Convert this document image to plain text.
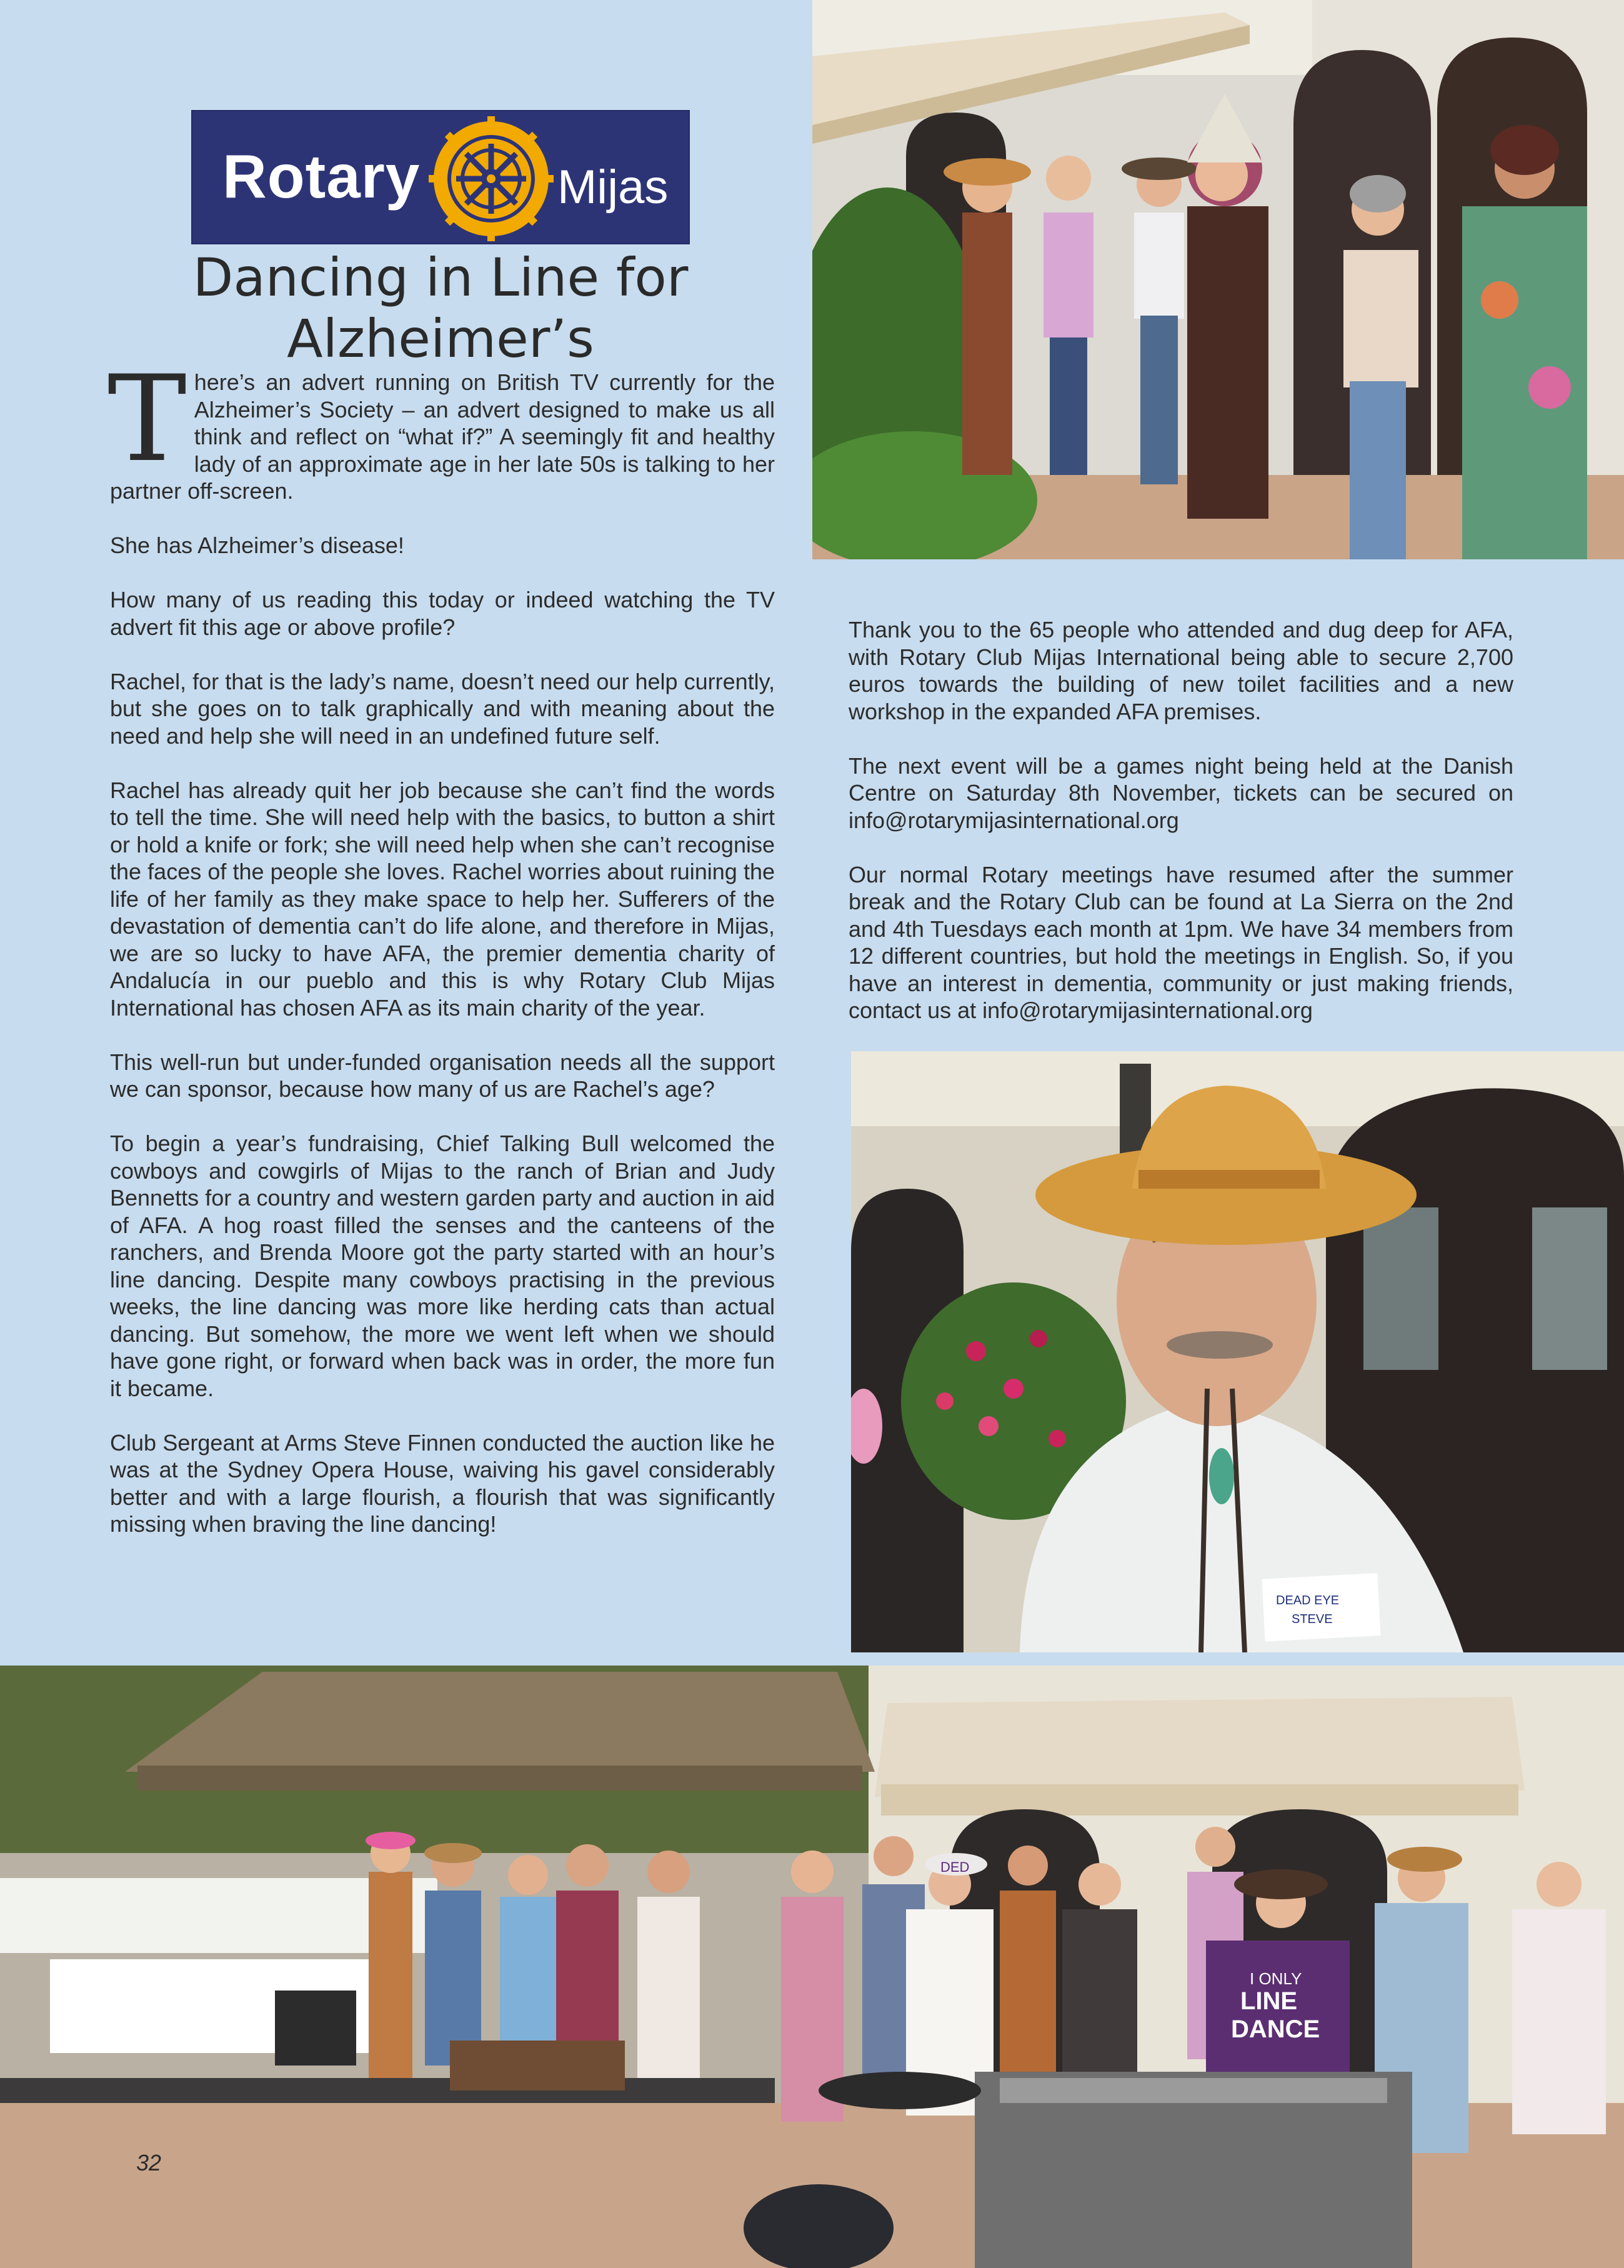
Rotary	Mijas
Dancing in Line for Alzheimer’s

There’s an advert running on British TV currently for the Alzheimer’s Society – an advert designed to make us all think and reflect on “what if?” A seemingly fit and healthy lady of an approximate age in her late 50s is talking to her partner off-screen.

She has Alzheimer’s disease!

How many of us reading this today or indeed watching the TV advert fit this age or above profile?

Rachel, for that is the lady’s name, doesn’t need our help currently, but she goes on to talk graphically and with meaning about the need and help she will need in an undefined future self.

Rachel has already quit her job because she can’t find the words to tell the time. She will need help with the basics, to button a shirt or hold a knife or fork; she will need help when she can’t recognise the faces of the people she loves. Rachel worries about ruining the life of her family as they make space to help her. Sufferers of the devastation of dementia can’t do life alone, and therefore in Mijas, we are so lucky to have AFA, the premier dementia charity of Andalucía in our pueblo and this is why Rotary Club Mijas International has chosen AFA as its main charity of the year.

This well-run but under-funded organisation needs all the support we can sponsor, because how many of us are Rachel’s age?

To begin a year’s fundraising, Chief Talking Bull welcomed the cowboys and cowgirls of Mijas to the ranch of Brian and Judy Bennetts for a country and western garden party and auction in aid of AFA. A hog roast filled the senses and the canteens of the ranchers, and Brenda Moore got the party started with an hour’s line dancing. Despite many cowboys practising in the previous weeks, the line dancing was more like herding cats than actual dancing. But somehow, the more we went left when we should have gone right, or forward when back was in order, the more fun it became.

Club Sergeant at Arms Steve Finnen conducted the auction like he was at the Sydney Opera House, waiving his gavel considerably better and with a large flourish, a flourish that was significantly missing when braving the line dancing!

Thank you to the 65 people who attended and dug deep for AFA, with Rotary Club Mijas International being able to secure 2,700 euros towards the building of new toilet facilities and a new workshop in the expanded AFA premises.

The next event will be a games night being held at the Danish Centre on Saturday 8th November, tickets can be secured on info@rotarymijasinternational.org

Our normal Rotary meetings have resumed after the summer break and the Rotary Club can be found at La Sierra on the 2nd and 4th Tuesdays each month at 1pm. We have 34 members from 12 different countries, but hold the meetings in English. So, if you have an interest in dementia, community or just making friends, contact us at info@rotarymijasinternational.org

DEAD EYE
STEVE
DED
I ONLY
LINE
DANCE
32
